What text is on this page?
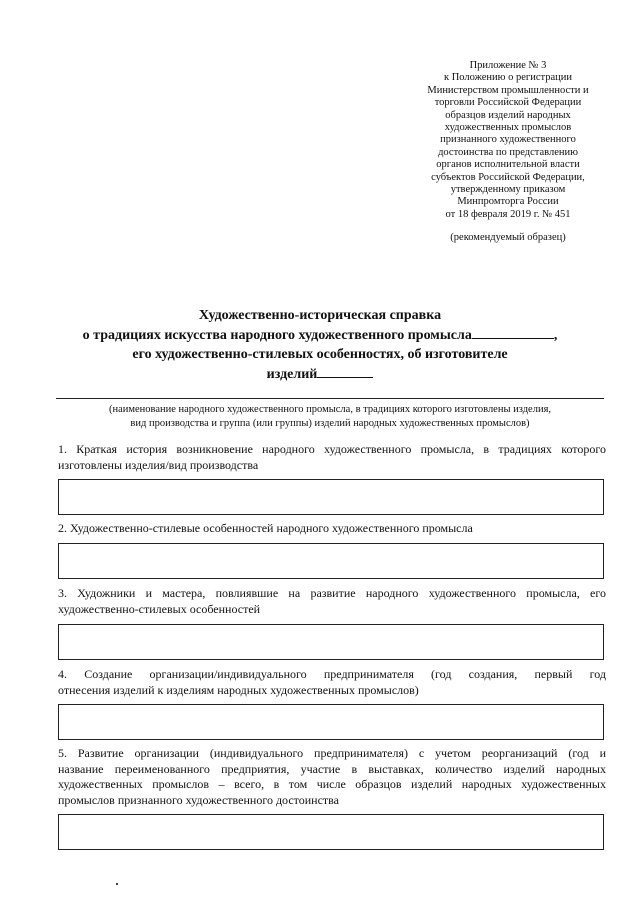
Приложение № 3
к Положению о регистрации
Министерством промышленности и
торговли Российской Федерации
образцов изделий народных
художественных промыслов
признанного художественного
достоинства по представлению
органов исполнительной власти
субъектов Российской Федерации,
утвержденному приказом
Минпромторга России
от 18 февраля 2019 г. № 451
(рекомендуемый образец)
Художественно-историческая справка
о традициях искусства народного художественного промысла	,
его художественно-стилевых особенностях, об изготовителе
изделий
(наименование народного художественного промысла, в традициях которого изготовлены изделия,
вид производства и группа (или группы) изделий народных художественных промыслов)
1. Краткая история возникновение народного художественного промысла, в традициях которого
изготовлены изделия/вид производства
2. Художественно-стилевые особенностей народного художественного промысла
3. Художники и мастера, повлиявшие на развитие народного художественного промысла, его
художественно-стилевых особенностей
4. Создание организации/индивидуального предпринимателя (год создания, первый год
отнесения изделий к изделиям народных художественных промыслов)
5. Развитие организации (индивидуального предпринимателя) с учетом реорганизаций (год и
название переименованного предприятия, участие в выставках, количество изделий народных
художественных промыслов – всего, в том числе образцов изделий народных художественных
промыслов признанного художественного достоинства
